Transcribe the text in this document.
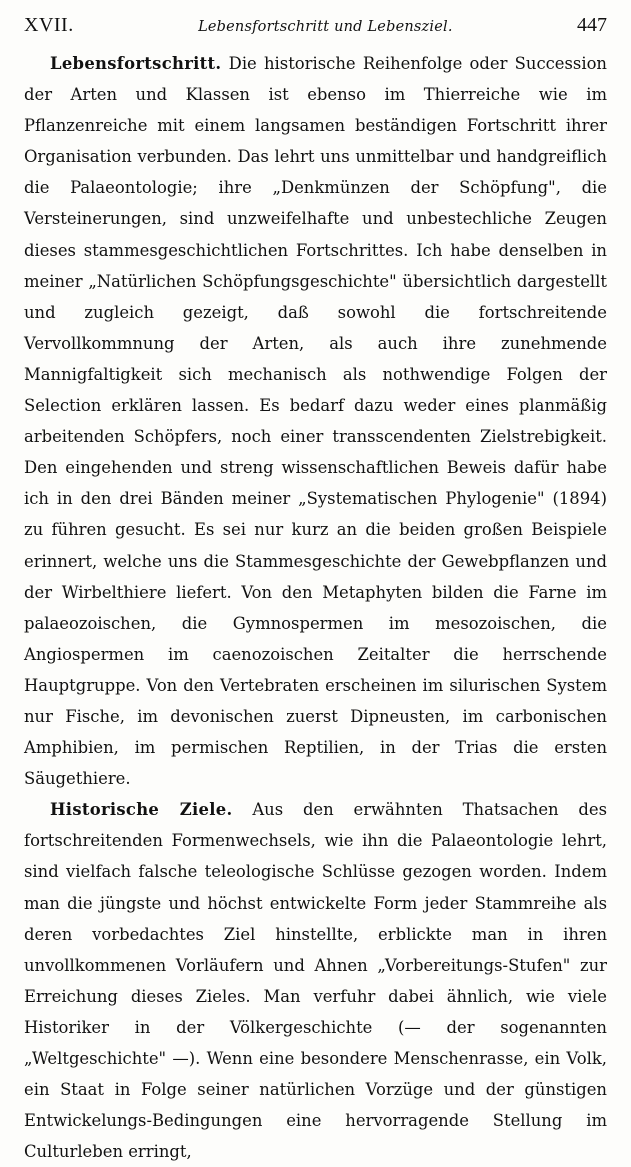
XVII.	Lebensfortschritt und Lebensziel.	447

Lebensfortschritt. Die historische Reihenfolge oder Succession der Arten und Klassen ist ebenso im Thierreiche wie im Pflanzenreiche mit einem langsamen beständigen Fortschritt ihrer Organisation verbunden. Das lehrt uns unmittelbar und handgreiflich die Palaeontologie; ihre „Denkmünzen der Schöpfung", die Versteinerungen, sind unzweifelhafte und unbestechliche Zeugen dieses stammesgeschichtlichen Fortschrittes. Ich habe denselben in meiner „Natürlichen Schöpfungsgeschichte" übersichtlich dargestellt und zugleich gezeigt, daß sowohl die fortschreitende Vervollkommnung der Arten, als auch ihre zunehmende Mannigfaltigkeit sich mechanisch als nothwendige Folgen der Selection erklären lassen. Es bedarf dazu weder eines planmäßig arbeitenden Schöpfers, noch einer transscendenten Zielstrebigkeit. Den eingehenden und streng wissenschaftlichen Beweis dafür habe ich in den drei Bänden meiner „Systematischen Phylogenie" (1894) zu führen gesucht. Es sei nur kurz an die beiden großen Beispiele erinnert, welche uns die Stammesgeschichte der Gewebpflanzen und der Wirbelthiere liefert. Von den Metaphyten bilden die Farne im palaeozoischen, die Gymnospermen im mesozoischen, die Angiospermen im caenozoischen Zeitalter die herrschende Hauptgruppe. Von den Vertebraten erscheinen im silurischen System nur Fische, im devonischen zuerst Dipneusten, im carbonischen Amphibien, im permischen Reptilien, in der Trias die ersten Säugethiere.

Historische Ziele. Aus den erwähnten Thatsachen des fortschreitenden Formenwechsels, wie ihn die Palaeontologie lehrt, sind vielfach falsche teleologische Schlüsse gezogen worden. Indem man die jüngste und höchst entwickelte Form jeder Stammreihe als deren vorbedachtes Ziel hinstellte, erblickte man in ihren unvollkommenen Vorläufern und Ahnen „Vorbereitungs-Stufen" zur Erreichung dieses Zieles. Man verfuhr dabei ähnlich, wie viele Historiker in der Völkergeschichte (— der sogenannten „Weltgeschichte" —). Wenn eine besondere Menschenrasse, ein Volk, ein Staat in Folge seiner natürlichen Vorzüge und der günstigen Entwickelungs-Bedingungen eine hervorragende Stellung im Culturleben erringt,
